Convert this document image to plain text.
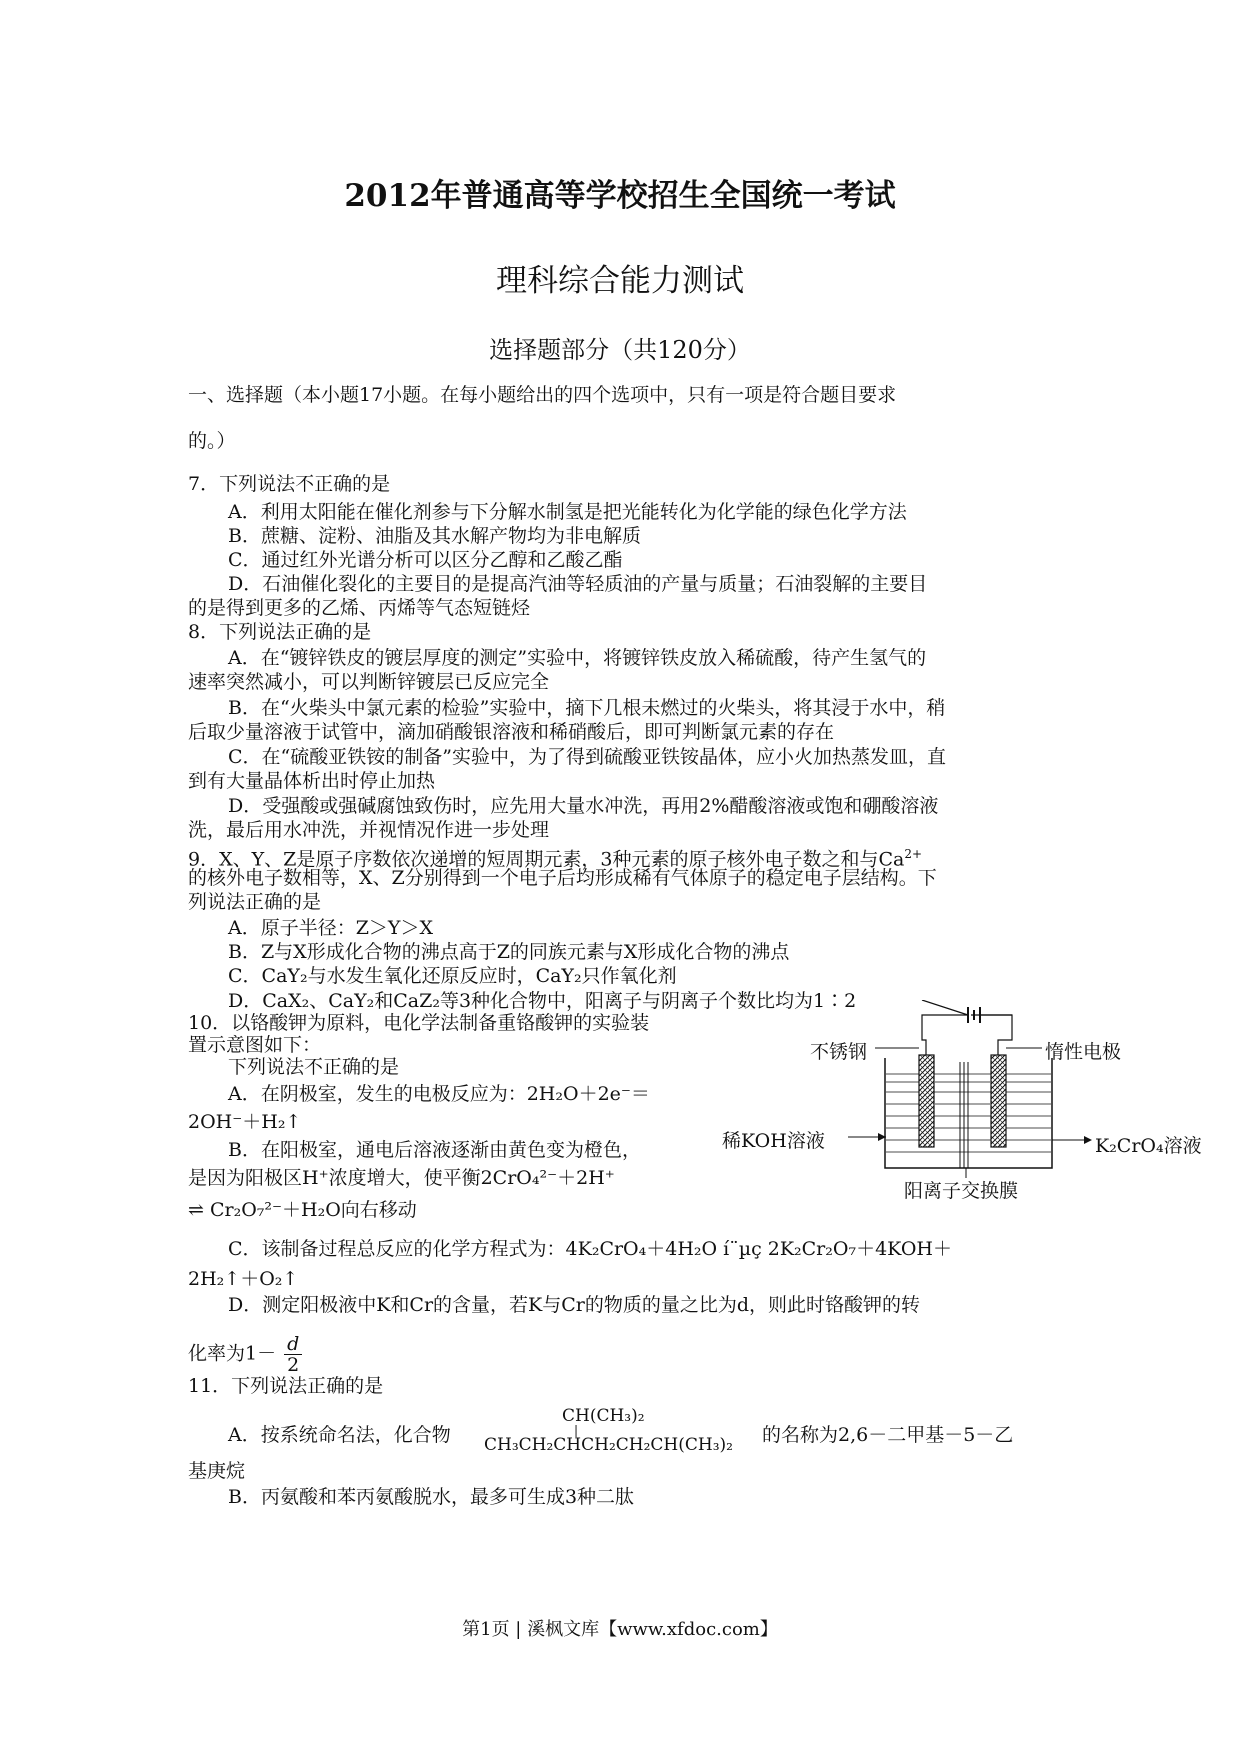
2012年普通高等学校招生全国统一考试
理科综合能力测试
选择题部分（共120分）
一、选择题（本小题17小题。在每小题给出的四个选项中，只有一项是符合题目要求
的。）
7．下列说法不正确的是
A．利用太阳能在催化剂参与下分解水制氢是把光能转化为化学能的绿色化学方法
B．蔗糖、淀粉、油脂及其水解产物均为非电解质
C．通过红外光谱分析可以区分乙醇和乙酸乙酯
D．石油催化裂化的主要目的是提高汽油等轻质油的产量与质量；石油裂解的主要目
的是得到更多的乙烯、丙烯等气态短链烃
8．下列说法正确的是
A．在“镀锌铁皮的镀层厚度的测定”实验中，将镀锌铁皮放入稀硫酸，待产生氢气的
速率突然减小，可以判断锌镀层已反应完全
B．在“火柴头中氯元素的检验”实验中，摘下几根未燃过的火柴头，将其浸于水中，稍
后取少量溶液于试管中，滴加硝酸银溶液和稀硝酸后，即可判断氯元素的存在
C．在“硫酸亚铁铵的制备”实验中，为了得到硫酸亚铁铵晶体，应小火加热蒸发皿，直
到有大量晶体析出时停止加热
D．受强酸或强碱腐蚀致伤时，应先用大量水冲洗，再用2%醋酸溶液或饱和硼酸溶液
洗，最后用水冲洗，并视情况作进一步处理
9．X、Y、Z是原子序数依次递增的短周期元素，3种元素的原子核外电子数之和与$Ca^{2+}$
的核外电子数相等，X、Z分别得到一个电子后均形成稀有气体原子的稳定电子层结构。下
列说法正确的是
A．原子半径：Z＞Y＞X
B．Z与X形成化合物的沸点高于Z的同族元素与X形成化合物的沸点
C．CaY₂与水发生氧化还原反应时，CaY₂只作氧化剂
D．CaX₂、CaY₂和CaZ₂等3种化合物中，阳离子与阴离子个数比均为1∶2
10．以铬酸钾为原料，电化学法制备重铬酸钾的实验装
置示意图如下：
下列说法不正确的是
A．在阴极室，发生的电极反应为：2H₂O＋2e⁻＝
2OH⁻＋H₂↑
B．在阳极室，通电后溶液逐渐由黄色变为橙色，
是因为阳极区H⁺浓度增大，使平衡2CrO₄²⁻＋2H⁺
⇌ Cr₂O₇²⁻＋H₂O向右移动
C．该制备过程总反应的化学方程式为：4K₂CrO₄＋4H₂O í¨µç 2K₂Cr₂O₇＋4KOH＋
2H₂↑＋O₂↑
D．测定阳极液中K和Cr的含量，若K与Cr的物质的量之比为d，则此时铬酸钾的转
化率为$1- \frac{d}{2}$
不锈钢	惰性电极
稀KOH溶液	K₂CrO₄溶液
阳离子交换膜
11．下列说法正确的是
A．按系统命名法，化合物
CH(CH₃)₂
|
CH₃CH₂CHCH₂CH₂CH(CH₃)₂ 的名称为2,6－二甲基－5－乙
基庚烷
B．丙氨酸和苯丙氨酸脱水，最多可生成3种二肽
第1页 | 溪枫文库【www.xfdoc.com】
